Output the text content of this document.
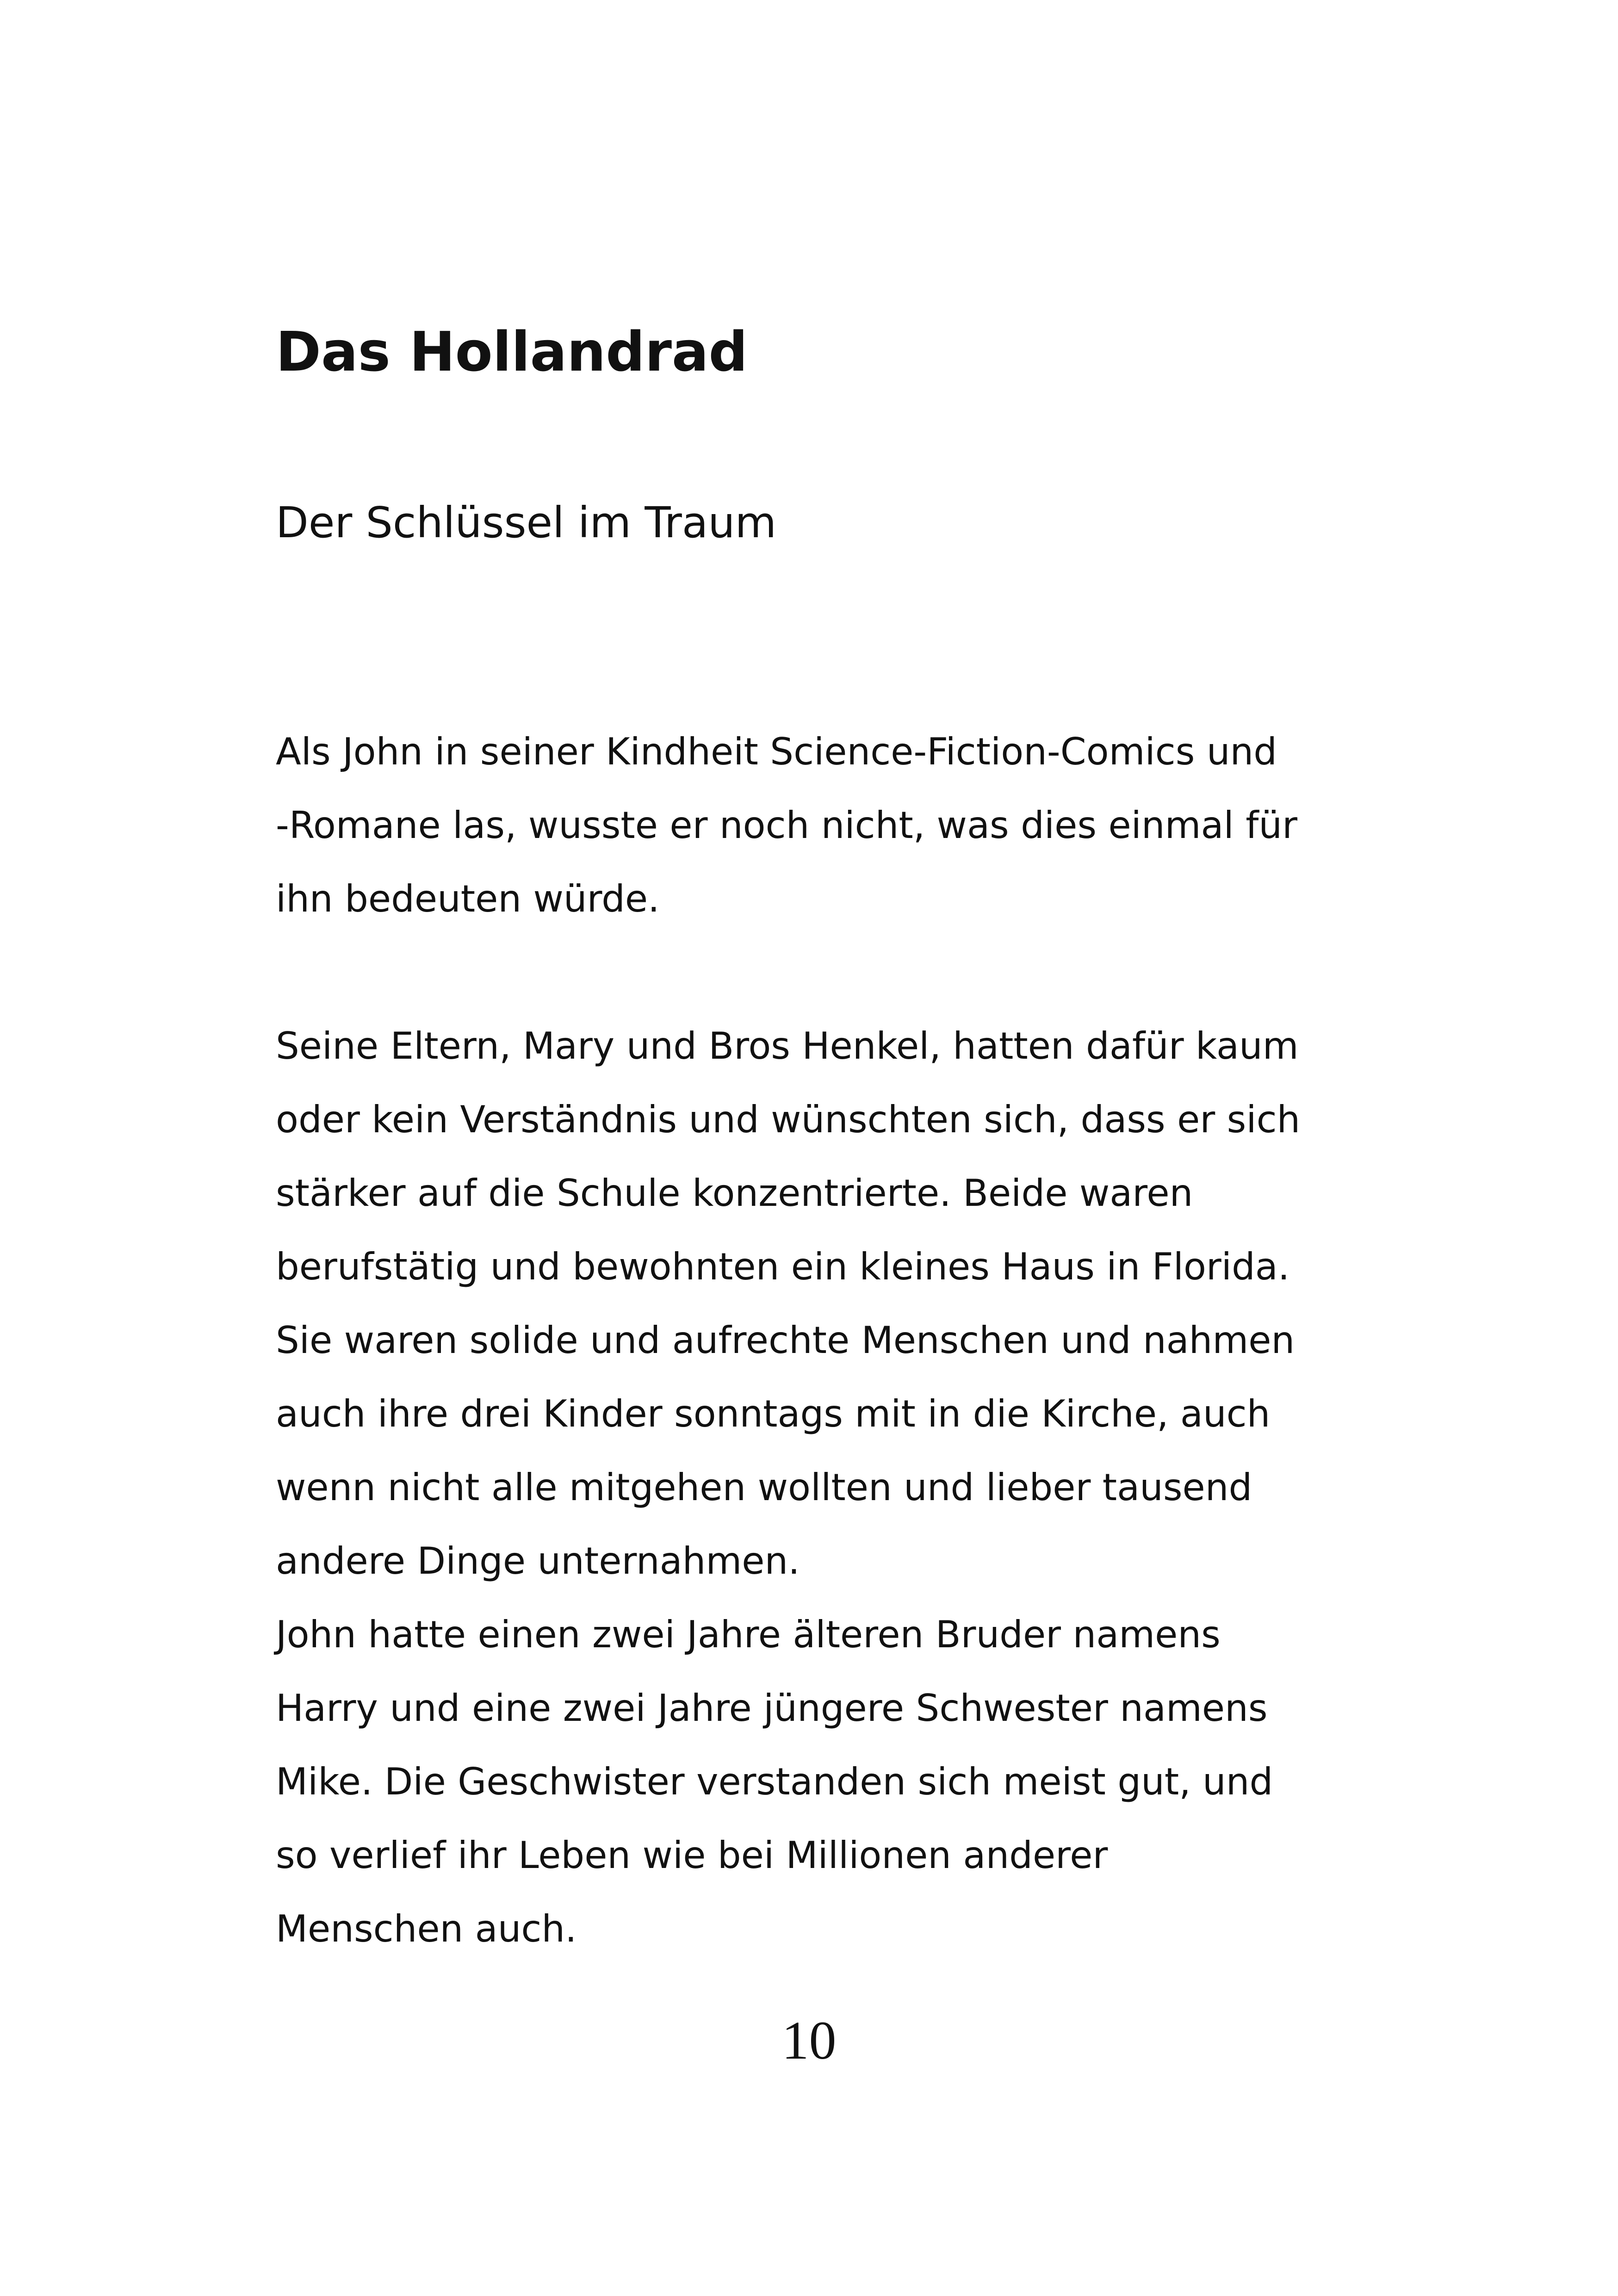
Das Hollandrad
Der Schlüssel im Traum
Als John in seiner Kindheit Science-Fiction-Comics und
-Romane las, wusste er noch nicht, was dies einmal für
ihn bedeuten würde.
Seine Eltern, Mary und Bros Henkel, hatten dafür kaum
oder kein Verständnis und wünschten sich, dass er sich
stärker auf die Schule konzentrierte. Beide waren
berufstätig und bewohnten ein kleines Haus in Florida.
Sie waren solide und aufrechte Menschen und nahmen
auch ihre drei Kinder sonntags mit in die Kirche, auch
wenn nicht alle mitgehen wollten und lieber tausend
andere Dinge unternahmen.
John hatte einen zwei Jahre älteren Bruder namens
Harry und eine zwei Jahre jüngere Schwester namens
Mike. Die Geschwister verstanden sich meist gut, und
so verlief ihr Leben wie bei Millionen anderer
Menschen auch.
10
